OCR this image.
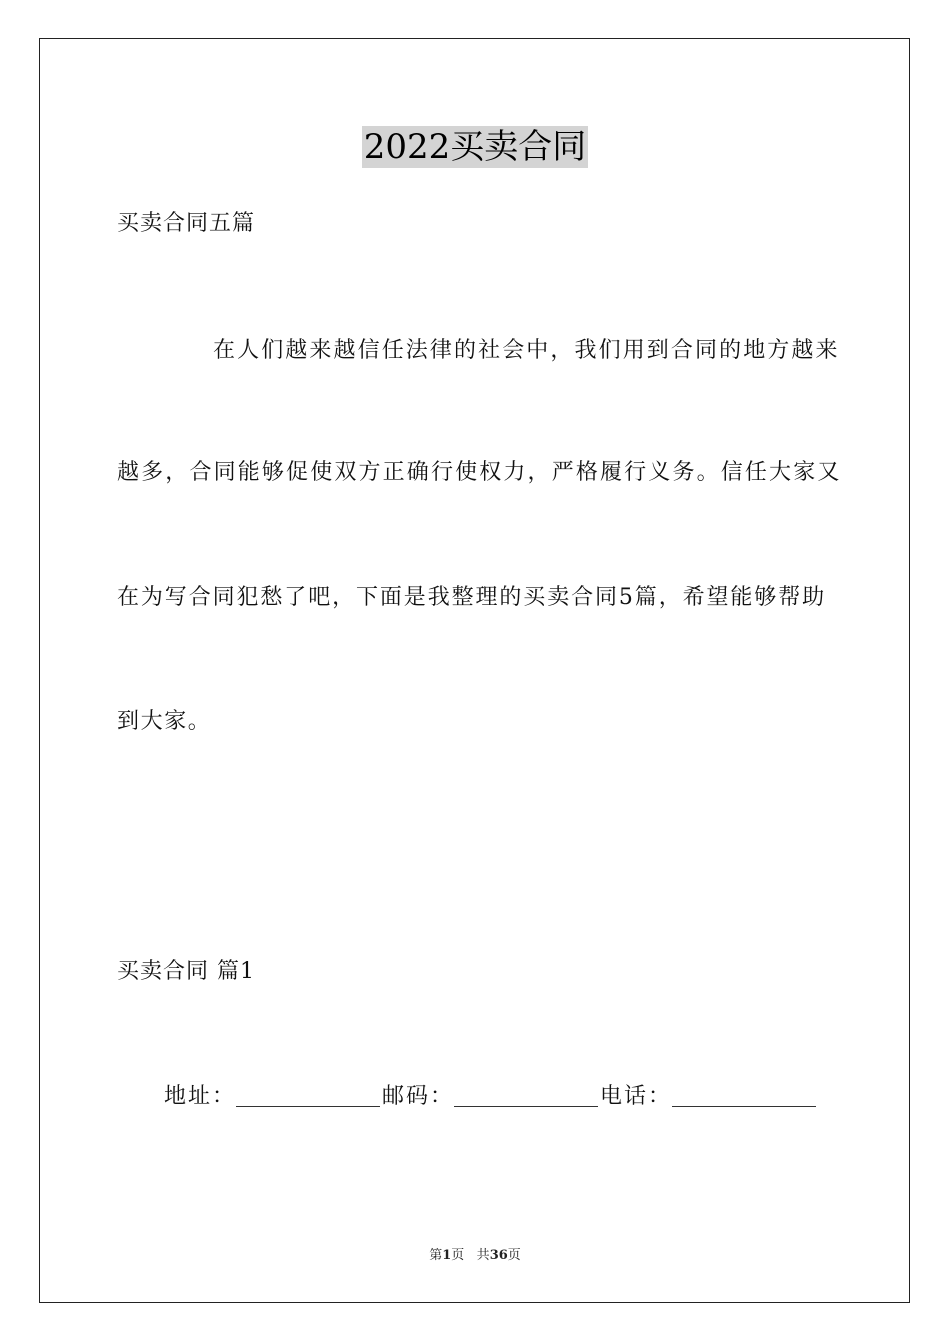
2022买卖合同
买卖合同五篇
在人们越来越信任法律的社会中，我们用到合同的地方越来
越多，合同能够促使双方正确行使权力，严格履行义务。信任大家又
在为写合同犯愁了吧，下面是我整理的买卖合同5篇，希望能够帮助
到大家。
买卖合同 篇1
地址：	邮码：	电话：
第1页 共36页
